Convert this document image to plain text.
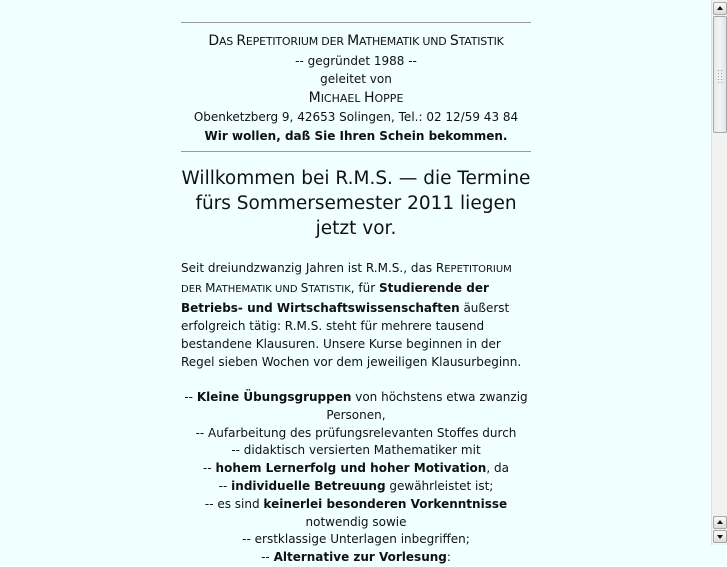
DAS REPETITORIUM DER MATHEMATIK UND STATISTIK
-- gegründet 1988 --
geleitet von
MICHAEL HOPPE
Obenketzberg 9, 42653 Solingen, Tel.: 02 12/59 43 84
Wir wollen, daß Sie Ihren Schein bekommen.
Willkommen bei R.M.S. — die Termine fürs Sommersemester 2011 liegen jetzt vor.

Seit dreiundzwanzig Jahren ist R.M.S., das REPETITORIUM DER MATHEMATIK UND STATISTIK, für Studierende der Betriebs- und Wirtschaftswissenschaften äußerst erfolgreich tätig: R.M.S. steht für mehrere tausend bestandene Klausuren. Unsere Kurse beginnen in der Regel sieben Wochen vor dem jeweiligen Klausurbeginn.

-- Kleine Übungsgruppen von höchstens etwa zwanzig Personen,
-- Aufarbeitung des prüfungsrelevanten Stoffes durch
-- didaktisch versierten Mathematiker mit
-- hohem Lernerfolg und hoher Motivation, da
-- individuelle Betreuung gewährleistet ist;
-- es sind keinerlei besonderen Vorkenntnisse notwendig sowie
-- erstklassige Unterlagen inbegriffen;
-- Alternative zur Vorlesung:
